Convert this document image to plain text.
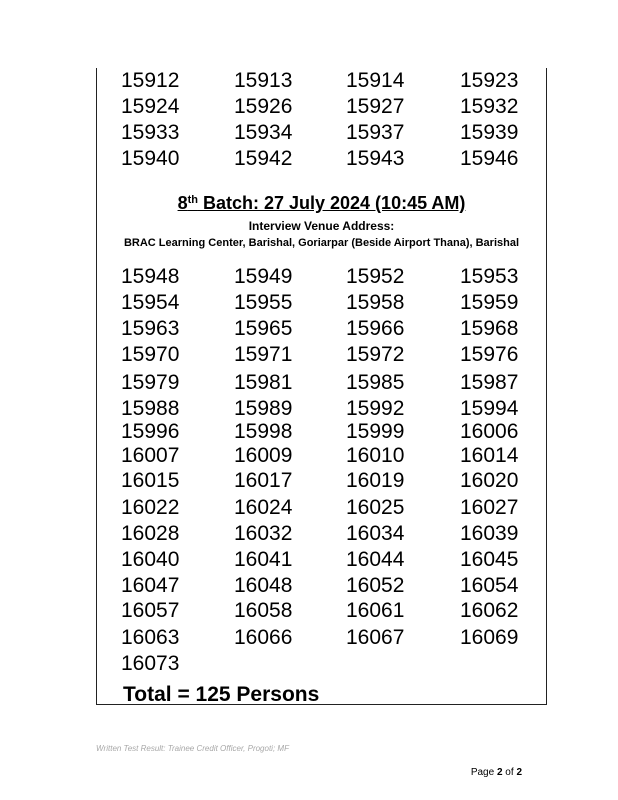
15912	15913	15914	15923
15924	15926	15927	15932
15933	15934	15937	15939
15940	15942	15943	15946
8th Batch: 27 July 2024 (10:45 AM)
Interview Venue Address:
BRAC Learning Center, Barishal, Goriarpar (Beside Airport Thana), Barishal
15948	15949	15952	15953
15954	15955	15958	15959
15963	15965	15966	15968
15970	15971	15972	15976
15979	15981	15985	15987
15988	15989	15992	15994
15996	15998	15999	16006
16007	16009	16010	16014
16015	16017	16019	16020
16022	16024	16025	16027
16028	16032	16034	16039
16040	16041	16044	16045
16047	16048	16052	16054
16057	16058	16061	16062
16063	16066	16067	16069
16073
Total = 125 Persons
Written Test Result: Trainee Credit Officer, Progoti; MF
Page 2 of 2
